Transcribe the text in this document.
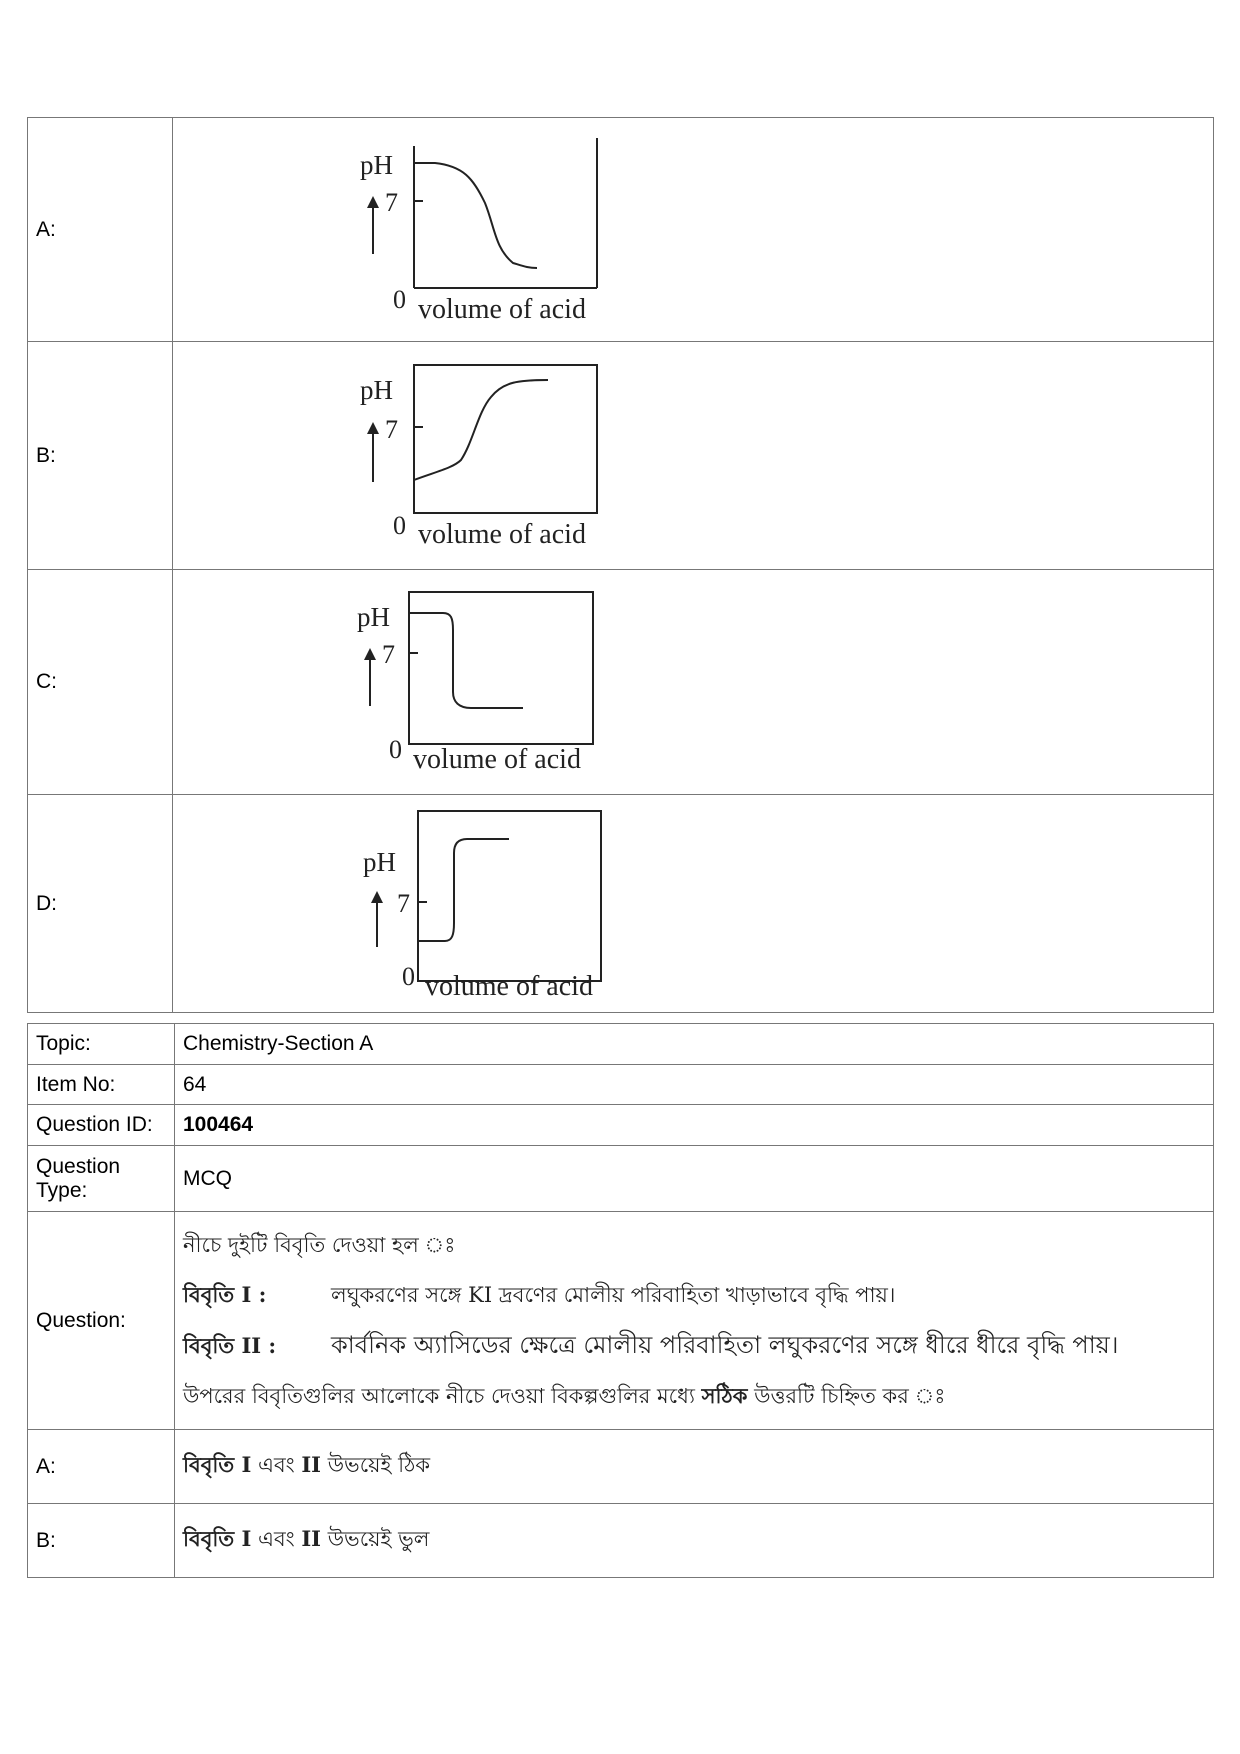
A:	pH
7
0 volume of acid

B:	pH
7
0 volume of acid

C:	pH
7
0 volume of acid

D:	pH
7
0 volume of acid
Topic:	Chemistry-Section A
Item No:	64
Question ID:	100464
Question
Type:	MCQ
Question:	নীচে দুইটি বিবৃতি দেওয়া হল ঃ
বিবৃতি I : লঘুকরণের সঙ্গে KI দ্রবণের মোলীয় পরিবাহিতা খাড়াভাবে বৃদ্ধি পায়।
বিবৃতি II : কার্বনিক অ্যাসিডের ক্ষেত্রে মোলীয় পরিবাহিতা লঘুকরণের সঙ্গে ধীরে ধীরে বৃদ্ধি পায়।
উপরের বিবৃতিগুলির আলোকে নীচে দেওয়া বিকল্পগুলির মধ্যে সঠিক উত্তরটি চিহ্নিত কর ঃ

A:	বিবৃতি I এবং II উভয়েই ঠিক
B:	বিবৃতি I এবং II উভয়েই ভুল
